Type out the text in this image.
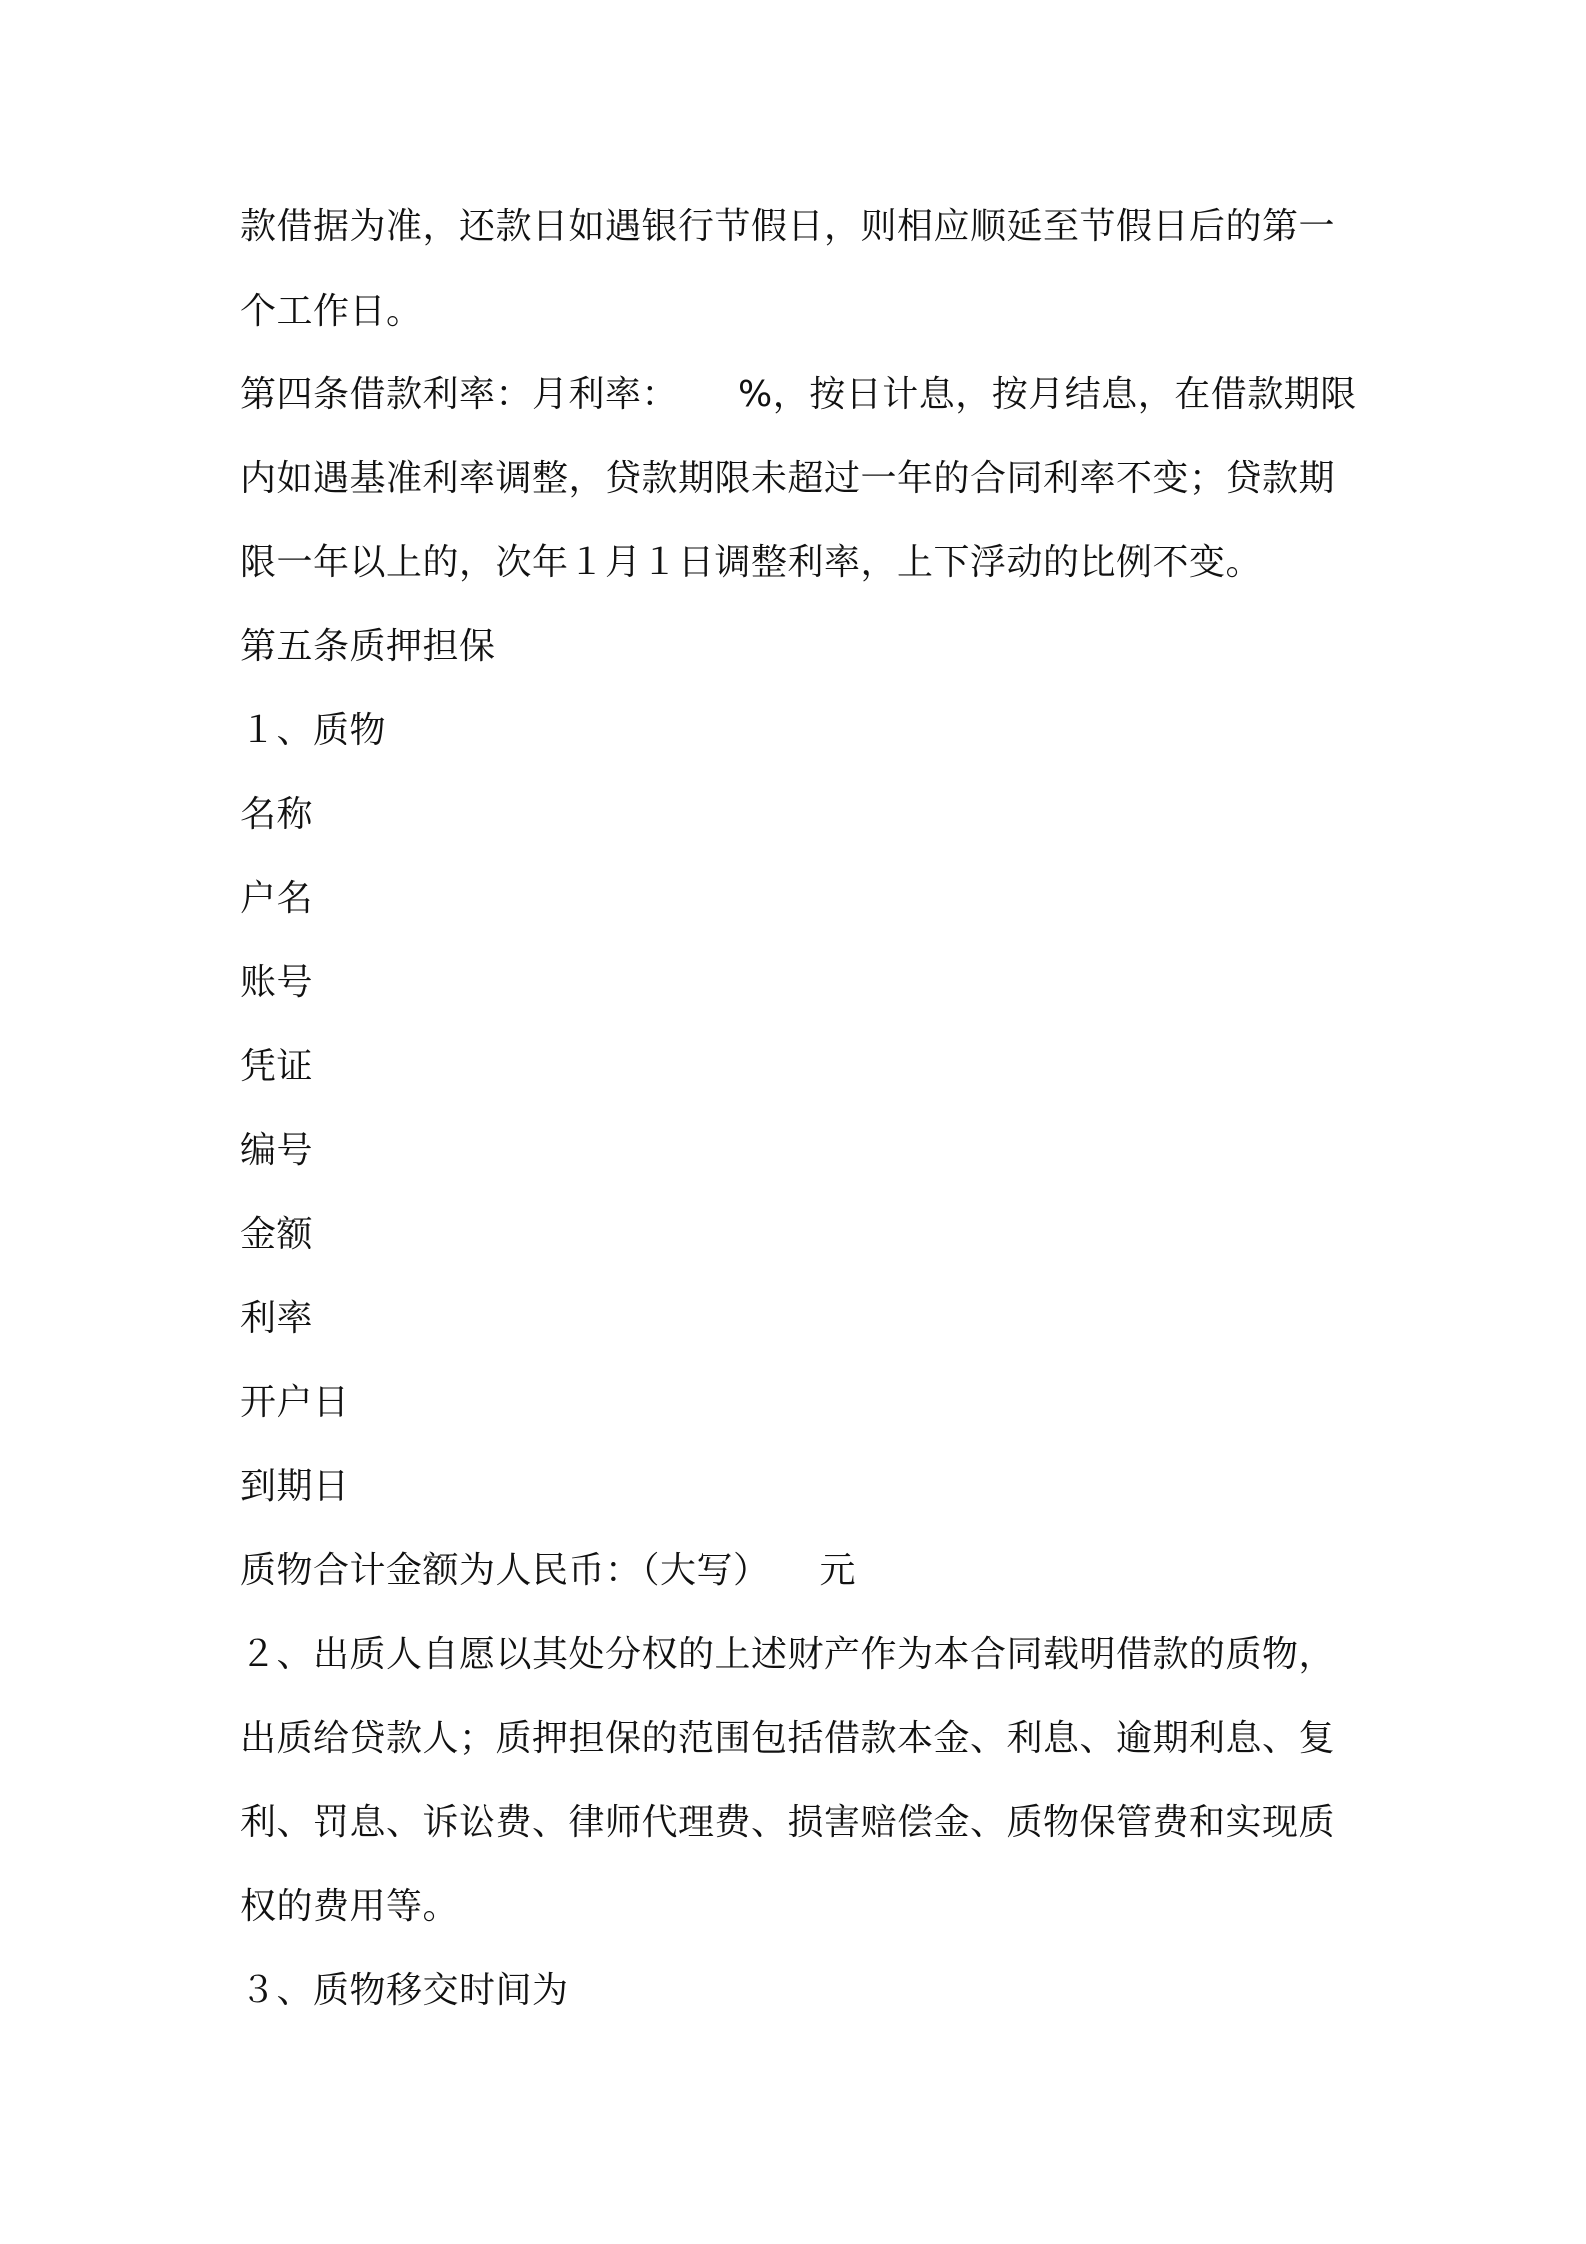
款借据为准，还款日如遇银行节假日，则相应顺延至节假日后的第一
个工作日。
第四条借款利率：月利率： %，按日计息，按月结息，在借款期限
内如遇基准利率调整，贷款期限未超过一年的合同利率不变；贷款期
限一年以上的，次年１月１日调整利率，上下浮动的比例不变。
第五条质押担保
１、质物
名称
户名
账号
凭证
编号
金额
利率
开户日
到期日
质物合计金额为人民币：（大写） 元
２、出质人自愿以其处分权的上述财产作为本合同载明借款的质物，
出质给贷款人；质押担保的范围包括借款本金、利息、逾期利息、复
利、罚息、诉讼费、律师代理费、损害赔偿金、质物保管费和实现质
权的费用等。
３、质物移交时间为
